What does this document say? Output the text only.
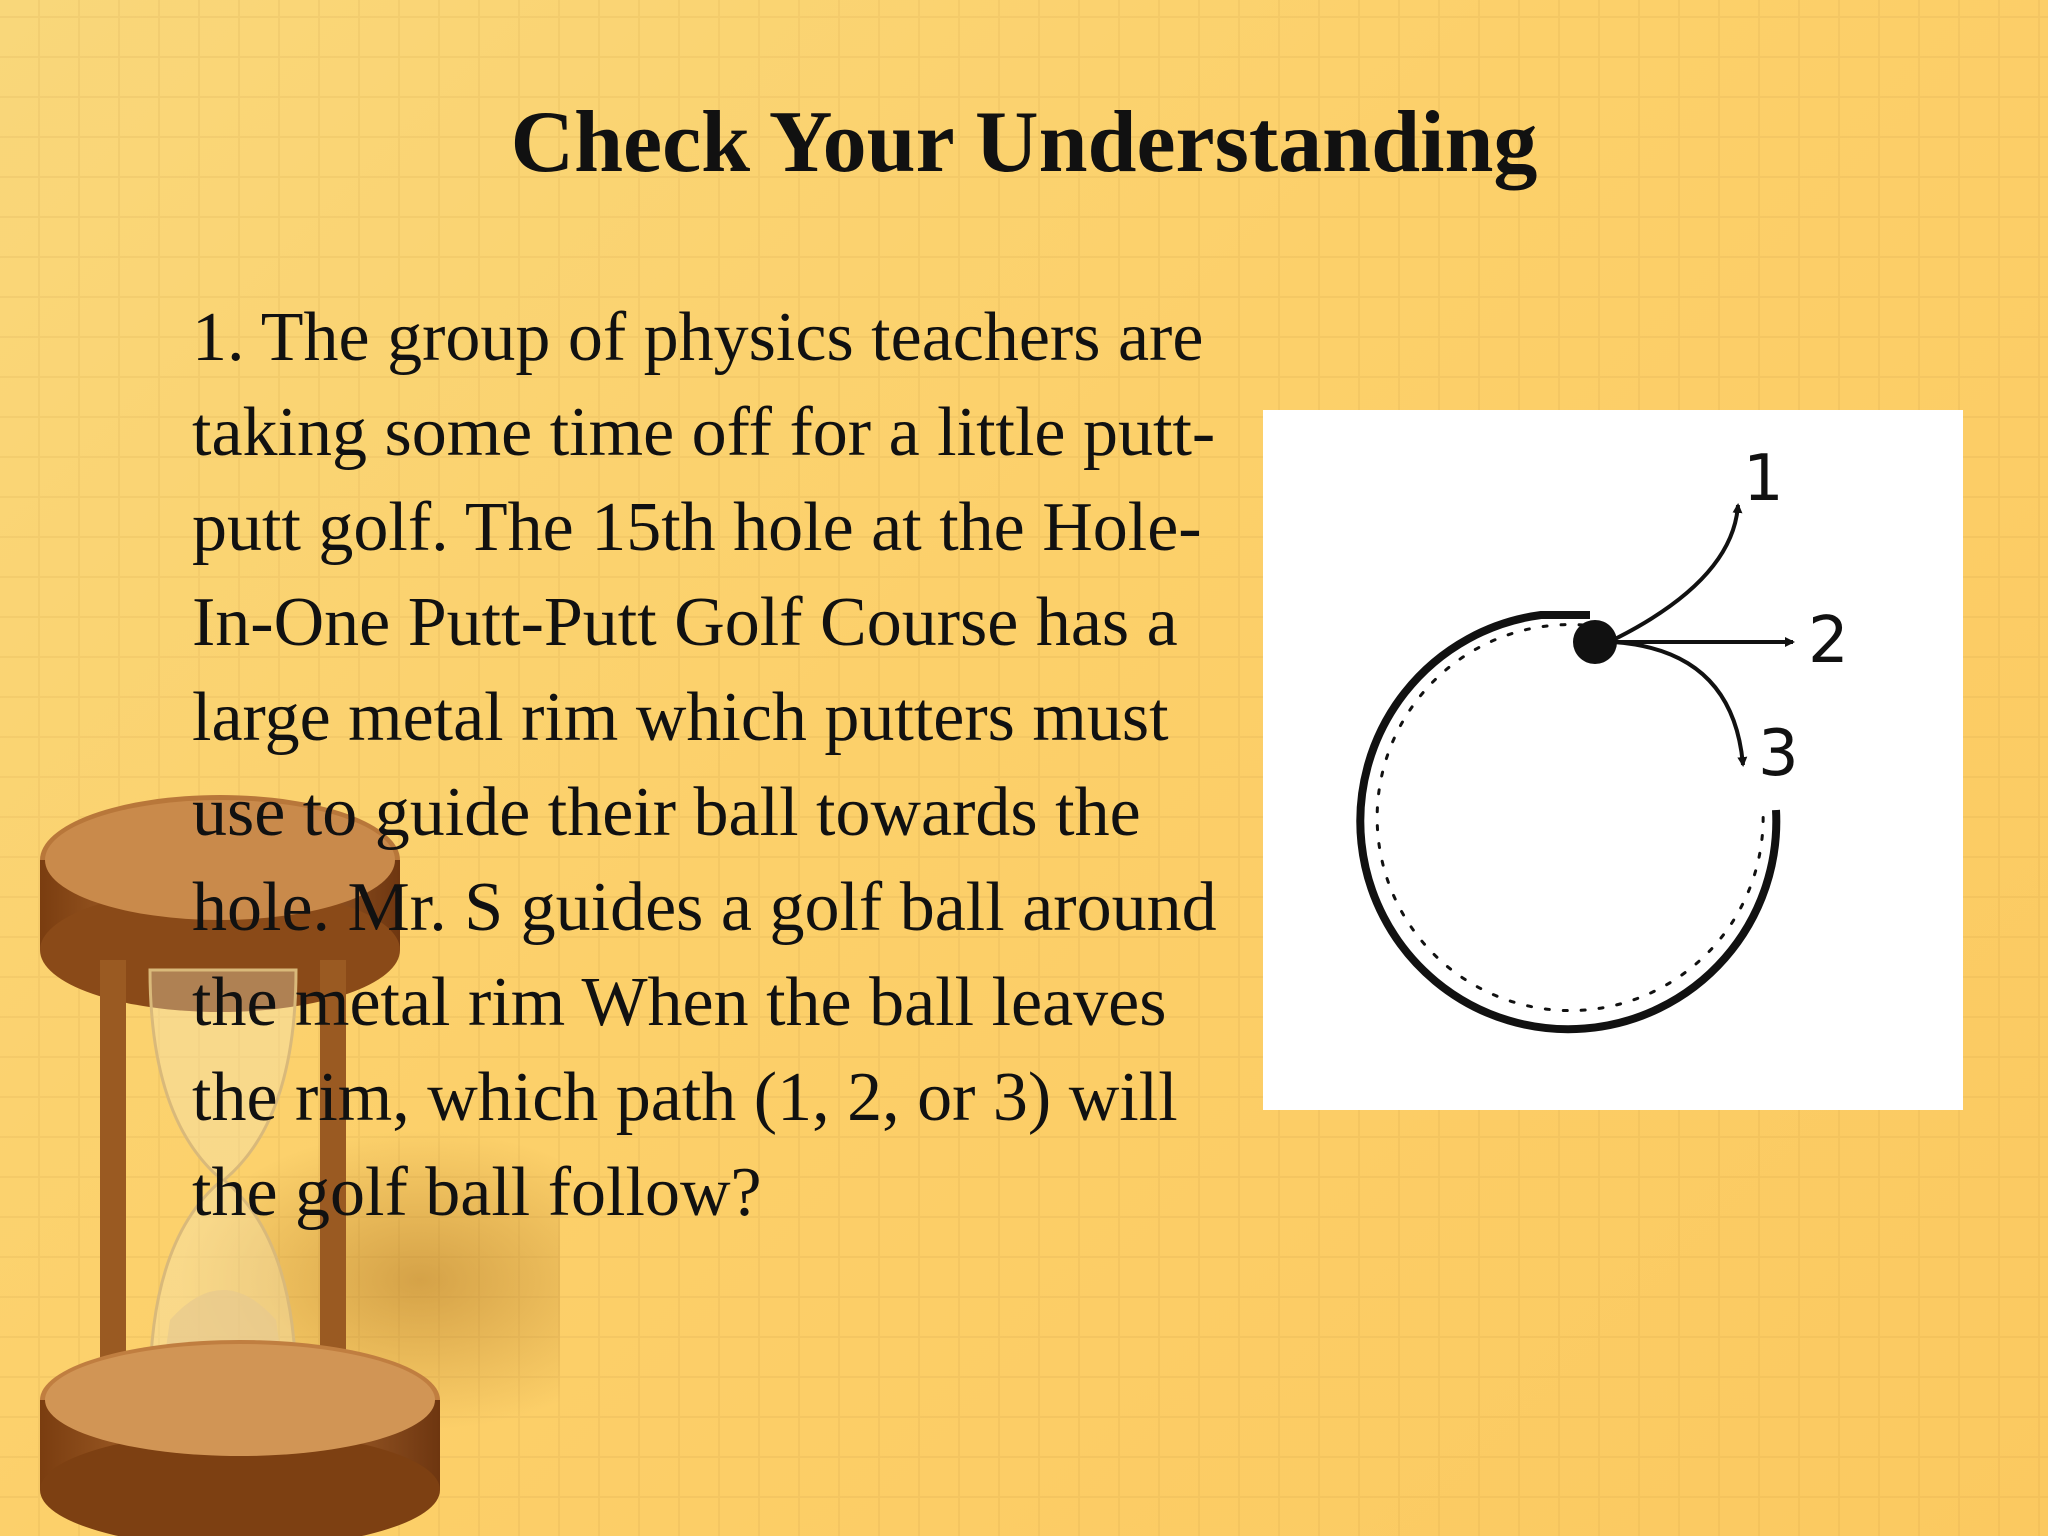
Check Your Understanding

1. The group of physics teachers are taking some time off for a little putt-putt golf. The 15th hole at the Hole-In-One Putt-Putt Golf Course has a large metal rim which putters must use to guide their ball towards the hole. Mr. S guides a golf ball around the metal rim When the ball leaves the rim, which path (1, 2, or 3) will the golf ball follow?

1
2
3
